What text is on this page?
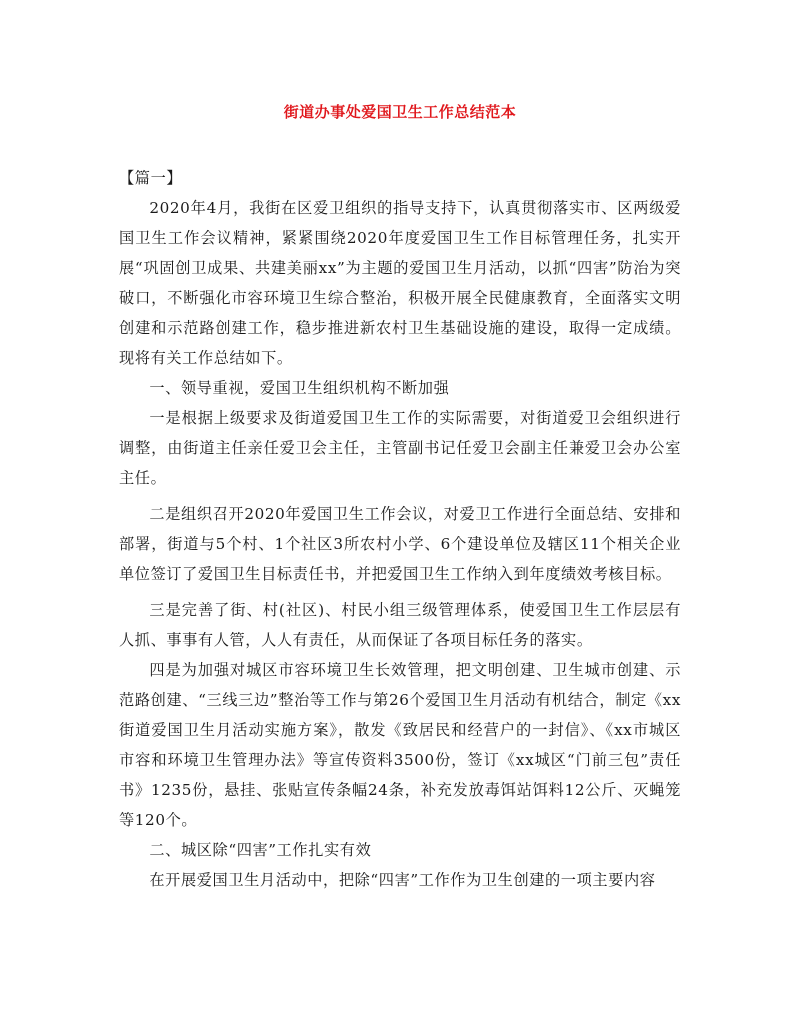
街道办事处爱国卫生工作总结范本

【篇一】

2020年4月，我街在区爱卫组织的指导支持下，认真贯彻落实市、区两级爱国卫生工作会议精神，紧紧围绕2020年度爱国卫生工作目标管理任务，扎实开展“巩固创卫成果、共建美丽xx”为主题的爱国卫生月活动，以抓“四害”防治为突破口，不断强化市容环境卫生综合整治，积极开展全民健康教育，全面落实文明创建和示范路创建工作，稳步推进新农村卫生基础设施的建设，取得一定成绩。现将有关工作总结如下。

一、领导重视，爱国卫生组织机构不断加强

一是根据上级要求及街道爱国卫生工作的实际需要，对街道爱卫会组织进行调整，由街道主任亲任爱卫会主任，主管副书记任爱卫会副主任兼爱卫会办公室主任。

二是组织召开2020年爱国卫生工作会议，对爱卫工作进行全面总结、安排和部署，街道与5个村、1个社区3所农村小学、6个建设单位及辖区11个相关企业单位签订了爱国卫生目标责任书，并把爱国卫生工作纳入到年度绩效考核目标。

三是完善了街、村(社区)、村民小组三级管理体系，使爱国卫生工作层层有人抓、事事有人管，人人有责任，从而保证了各项目标任务的落实。

四是为加强对城区市容环境卫生长效管理，把文明创建、卫生城市创建、示范路创建、“三线三边”整治等工作与第26个爱国卫生月活动有机结合，制定《xx街道爱国卫生月活动实施方案》，散发《致居民和经营户的一封信》、《xx市城区市容和环境卫生管理办法》等宣传资料3500份，签订《xx城区“门前三包”责任书》1235份，悬挂、张贴宣传条幅24条，补充发放毒饵站饵料12公斤、灭蝇笼等120个。

二、城区除“四害”工作扎实有效

在开展爱国卫生月活动中，把除“四害”工作作为卫生创建的一项主要内容
